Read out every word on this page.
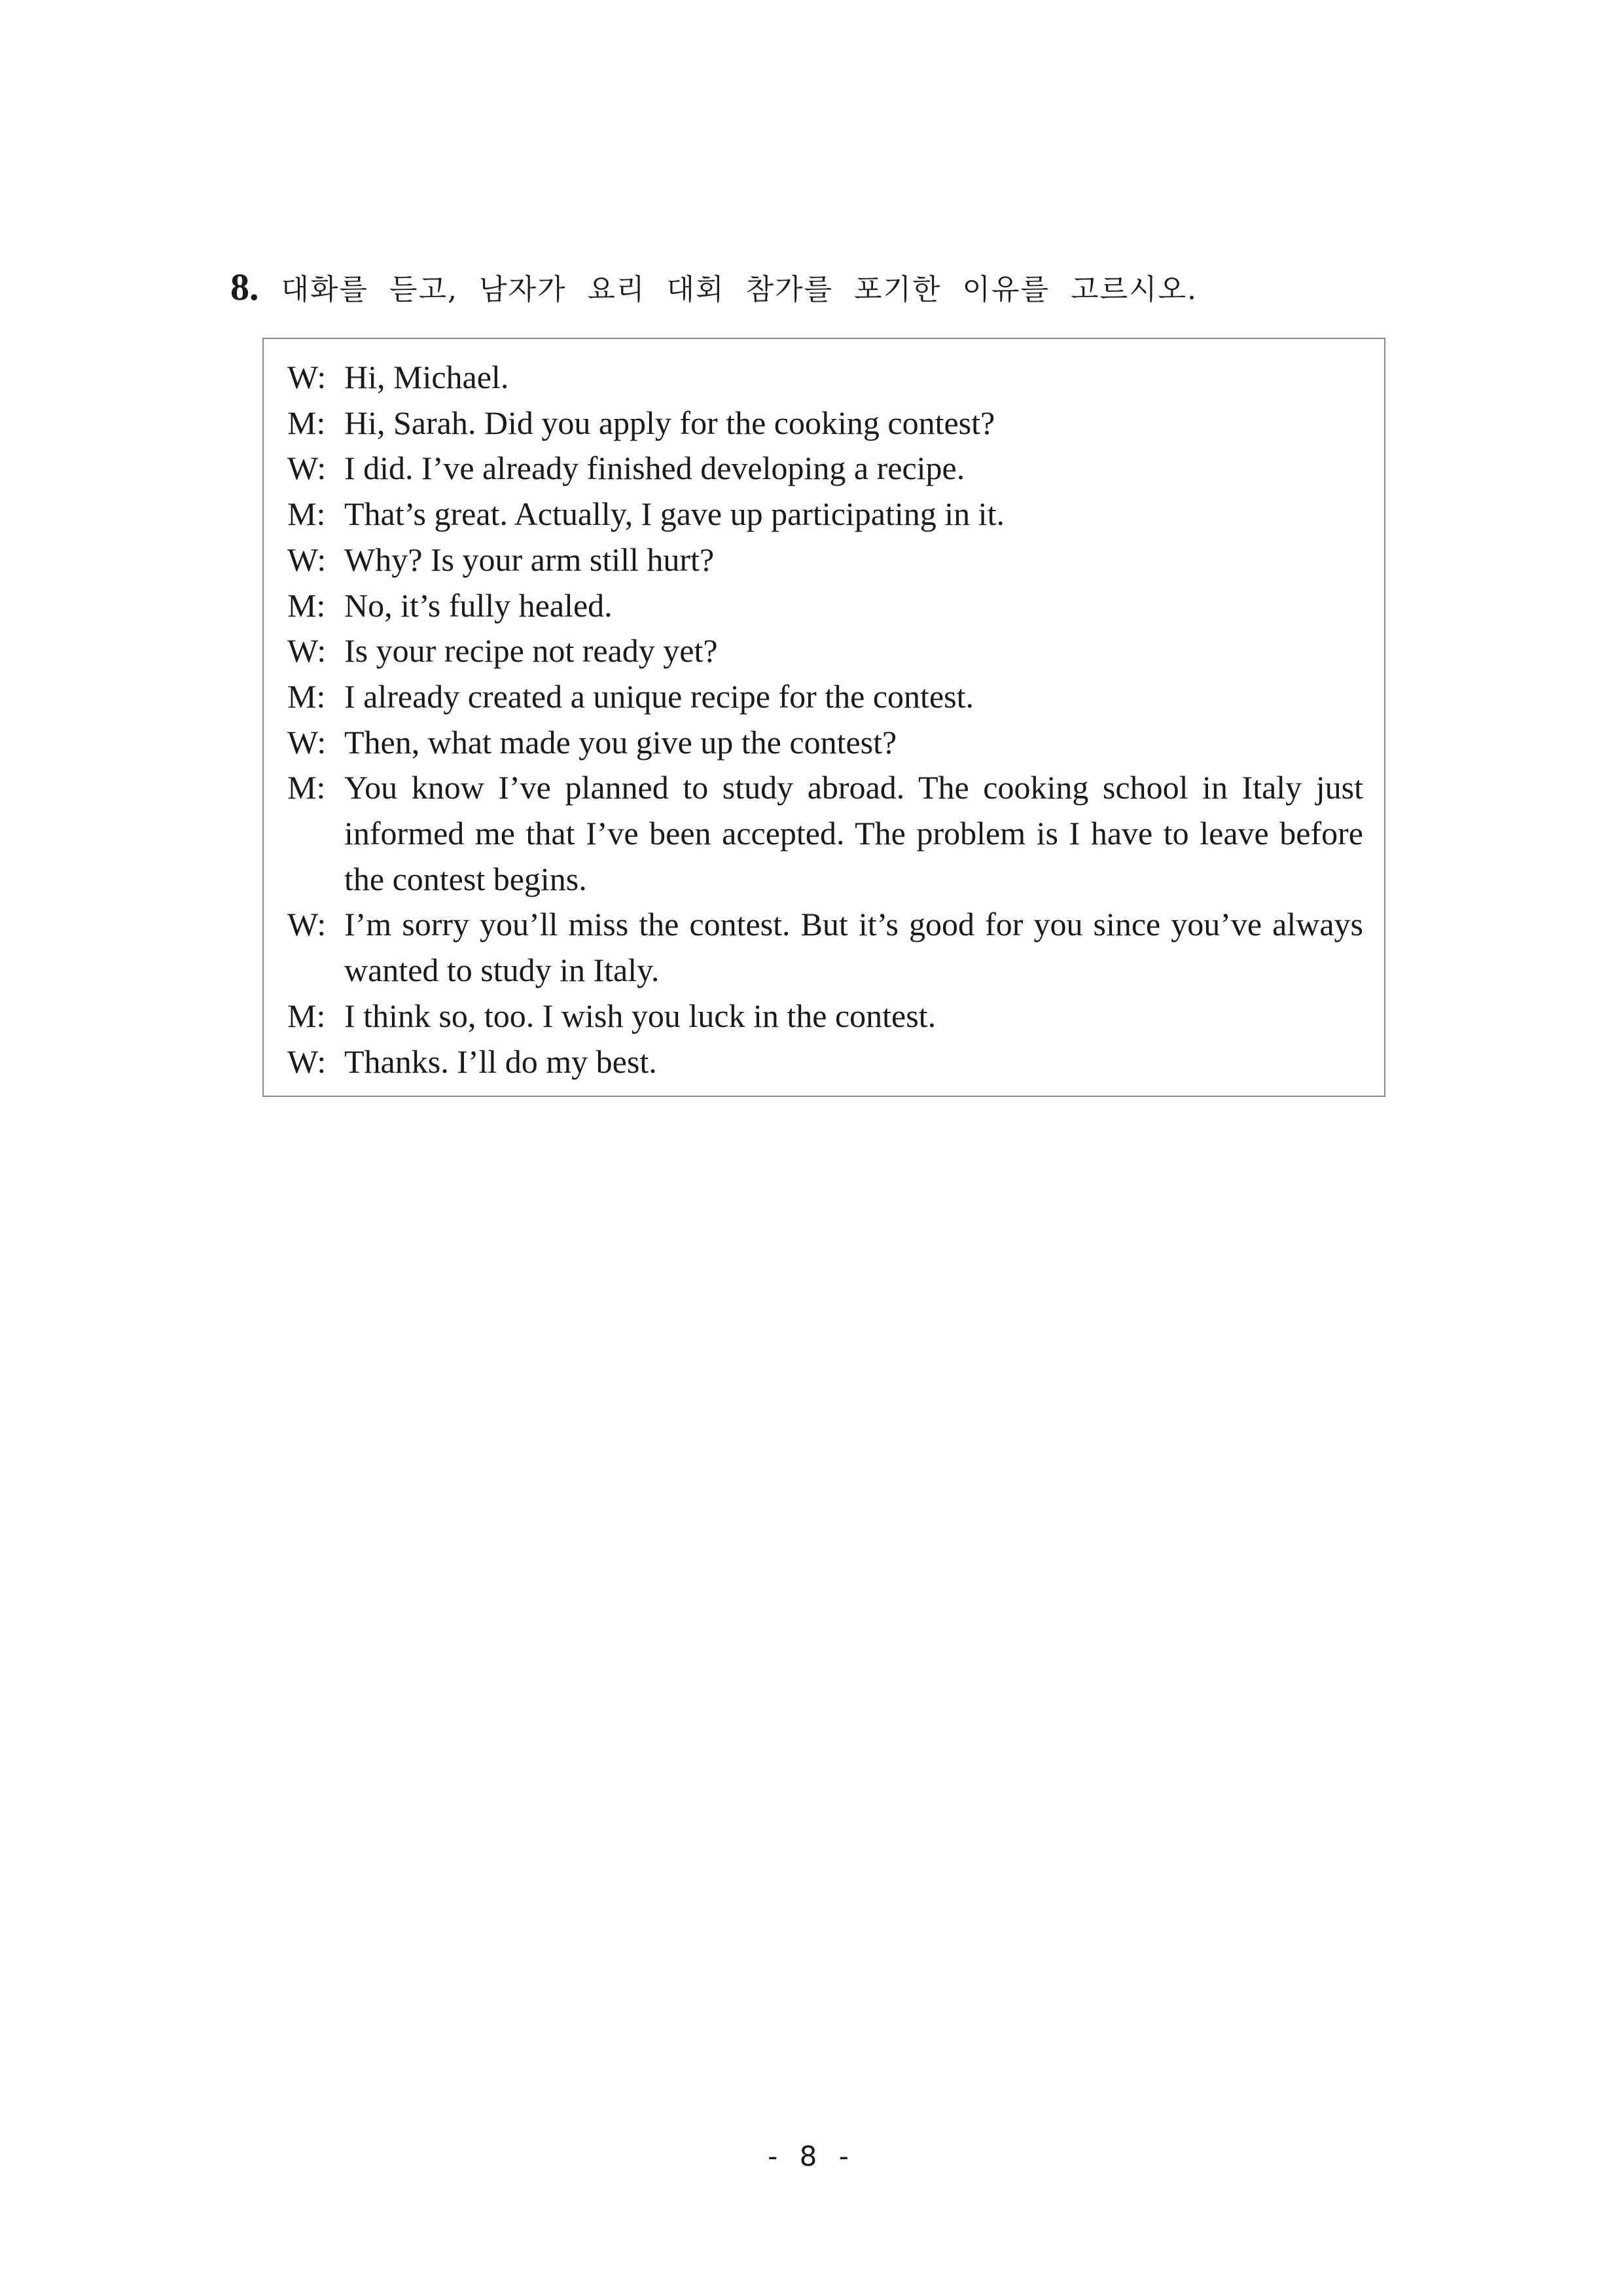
8. 대화를 듣고, 남자가 요리 대회 참가를 포기한 이유를 고르시오.
W: Hi, Michael.
M: Hi, Sarah. Did you apply for the cooking contest?
W: I did. I’ve already finished developing a recipe.
M: That’s great. Actually, I gave up participating in it.
W: Why? Is your arm still hurt?
M: No, it’s fully healed.
W: Is your recipe not ready yet?
M: I already created a unique recipe for the contest.
W: Then, what made you give up the contest?
M: You know I’ve planned to study abroad. The cooking school in Italy just informed me that I’ve been accepted. The problem is I have to leave before the contest begins.
W: I’m sorry you’ll miss the contest. But it’s good for you since you’ve always wanted to study in Italy.
M: I think so, too. I wish you luck in the contest.
W: Thanks. I’ll do my best.
- 8 -
